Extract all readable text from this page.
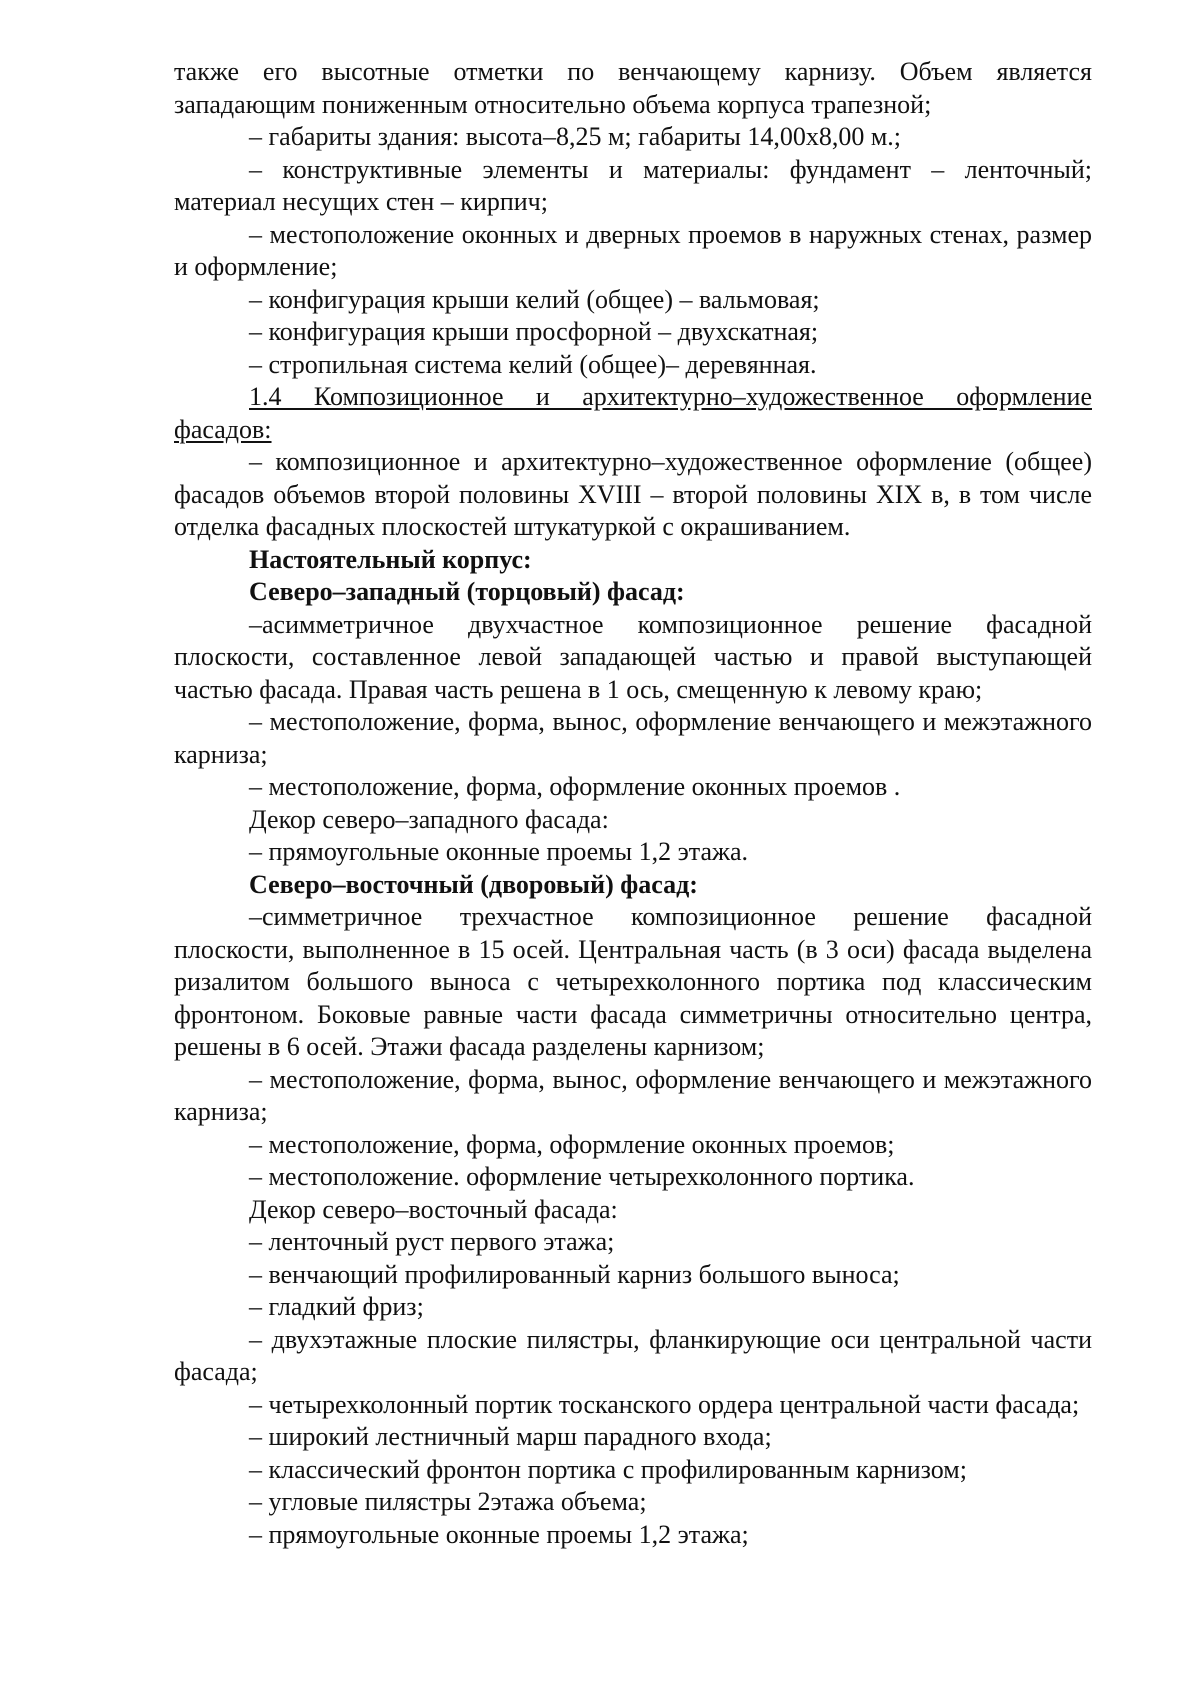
также его высотные отметки по венчающему карнизу. Объем является западающим пониженным относительно объема корпуса трапезной;

– габариты здания: высота–8,25 м; габариты 14,00х8,00 м.;

– конструктивные элементы и материалы: фундамент – ленточный; материал несущих стен – кирпич;

– местоположение оконных и дверных проемов в наружных стенах, размер и оформление;

– конфигурация крыши келий (общее) – вальмовая;

– конфигурация крыши просфорной – двухскатная;

– стропильная система келий (общее)– деревянная.

1.4 Композиционное и архитектурно–художественное оформление фасадов:

– композиционное и архитектурно–художественное оформление (общее) фасадов объемов второй половины XVIII – второй половины XIX в, в том числе отделка фасадных плоскостей штукатуркой с окрашиванием.

Настоятельный корпус:

Северо–западный (торцовый) фасад:

–асимметричное двухчастное композиционное решение фасадной плоскости, составленное левой западающей частью и правой выступающей частью фасада. Правая часть решена в 1 ось, смещенную к левому краю;

– местоположение, форма, вынос, оформление венчающего и межэтажного карниза;

– местоположение, форма, оформление оконных проемов .

Декор северо–западного фасада:

– прямоугольные оконные проемы 1,2 этажа.

Северо–восточный (дворовый) фасад:

–симметричное трехчастное композиционное решение фасадной плоскости, выполненное в 15 осей. Центральная часть (в 3 оси) фасада выделена ризалитом большого выноса с четырехколонного портика под классическим фронтоном. Боковые равные части фасада симметричны относительно центра, решены в 6 осей. Этажи фасада разделены карнизом;

– местоположение, форма, вынос, оформление венчающего и межэтажного карниза;

– местоположение, форма, оформление оконных проемов;

– местоположение. оформление четырехколонного портика.

Декор северо–восточный фасада:

– ленточный руст первого этажа;

– венчающий профилированный карниз большого выноса;

– гладкий фриз;

– двухэтажные плоские пилястры, фланкирующие оси центральной части фасада;

– четырехколонный портик тосканского ордера центральной части фасада;

– широкий лестничный марш парадного входа;

– классический фронтон портика с профилированным карнизом;

– угловые пилястры 2этажа объема;

– прямоугольные оконные проемы 1,2 этажа;
